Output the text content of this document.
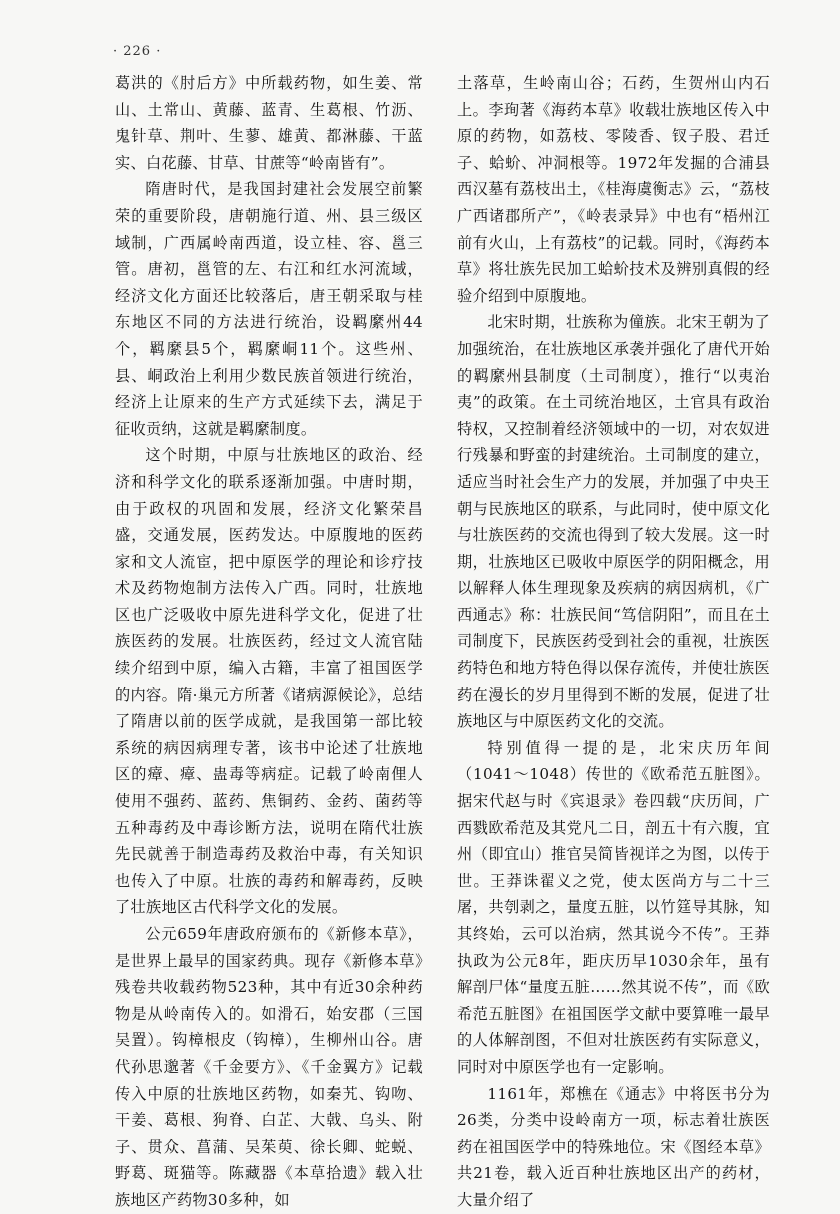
· 226 ·

葛洪的《肘后方》中所载药物，如生姜、常山、土常山、黄藤、蓝青、生葛根、竹沥、鬼针草、荆叶、生蓼、雄黄、都淋藤、干蓝实、白花藤、甘草、甘蔗等“岭南皆有”。

隋唐时代，是我国封建社会发展空前繁荣的重要阶段，唐朝施行道、州、县三级区域制，广西属岭南西道，设立桂、容、邕三管。唐初，邕管的左、右江和红水河流域，经济文化方面还比较落后，唐王朝采取与桂东地区不同的方法进行统治，设羁縻州44个，羁縻县5个，羁縻峒11个。这些州、县、峒政治上利用少数民族首领进行统治，经济上让原来的生产方式延续下去，满足于征收贡纳，这就是羁縻制度。

这个时期，中原与壮族地区的政治、经济和科学文化的联系逐渐加强。中唐时期，由于政权的巩固和发展，经济文化繁荣昌盛，交通发展，医药发达。中原腹地的医药家和文人流宦，把中原医学的理论和诊疗技术及药物炮制方法传入广西。同时，壮族地区也广泛吸收中原先进科学文化，促进了壮族医药的发展。壮族医药，经过文人流官陆续介绍到中原，编入古籍，丰富了祖国医学的内容。隋·巢元方所著《诸病源候论》，总结了隋唐以前的医学成就，是我国第一部比较系统的病因病理专著，该书中论述了壮族地区的瘴、瘴、蛊毒等病症。记载了岭南俚人使用不强药、蓝药、焦铜药、金药、菌药等五种毒药及中毒诊断方法，说明在隋代壮族先民就善于制造毒药及救治中毒，有关知识也传入了中原。壮族的毒药和解毒药，反映了壮族地区古代科学文化的发展。

公元659年唐政府颁布的《新修本草》，是世界上最早的国家药典。现存《新修本草》残卷共收载药物523种，其中有近30余种药物是从岭南传入的。如滑石，始安郡（三国吴置）。钩樟根皮（钩樟），生柳州山谷。唐代孙思邈著《千金要方》、《千金翼方》记载传入中原的壮族地区药物，如秦艽、钩吻、干姜、葛根、狗脊、白芷、大戟、乌头、附子、贯众、菖蒲、吴茱萸、徐长卿、蛇蜕、野葛、斑猫等。陈藏器《本草拾遗》载入壮族地区产药物30多种，如

土落草，生岭南山谷；石药，生贺州山内石上。李珣著《海药本草》收载壮族地区传入中原的药物，如荔枝、零陵香、钗子股、君迁子、蛤蚧、冲洞根等。1972年发掘的合浦县西汉墓有荔枝出土，《桂海虞衡志》云，“荔枝广西诸郡所产”，《岭表录异》中也有“梧州江前有火山，上有荔枝”的记载。同时，《海药本草》将壮族先民加工蛤蚧技术及辨别真假的经验介绍到中原腹地。

北宋时期，壮族称为僮族。北宋王朝为了加强统治，在壮族地区承袭并强化了唐代开始的羁縻州县制度（土司制度），推行“以夷治夷”的政策。在土司统治地区，土官具有政治特权，又控制着经济领域中的一切，对农奴进行残暴和野蛮的封建统治。土司制度的建立，适应当时社会生产力的发展，并加强了中央王朝与民族地区的联系，与此同时，使中原文化与壮族医药的交流也得到了较大发展。这一时期，壮族地区已吸收中原医学的阴阳概念，用以解释人体生理现象及疾病的病因病机，《广西通志》称：壮族民间“笃信阴阳”，而且在土司制度下，民族医药受到社会的重视，壮族医药特色和地方特色得以保存流传，并使壮族医药在漫长的岁月里得到不断的发展，促进了壮族地区与中原医药文化的交流。

特别值得一提的是，北宋庆历年间（1041～1048）传世的《欧希范五脏图》。据宋代赵与时《宾退录》卷四载“庆历间，广西戮欧希范及其党凡二日，剖五十有六腹，宜州（即宜山）推官吴简皆视详之为图，以传于世。王莽诛翟义之党，使太医尚方与二十三屠，共刳剥之，量度五脏，以竹筳导其脉，知其终始，云可以治病，然其说今不传”。王莽执政为公元8年，距庆历早1030余年，虽有解剖尸体“量度五脏……然其说不传”，而《欧希范五脏图》在祖国医学文献中要算唯一最早的人体解剖图，不但对壮族医药有实际意义，同时对中原医学也有一定影响。

1161年，郑樵在《通志》中将医书分为26类，分类中设岭南方一项，标志着壮族医药在祖国医学中的特殊地位。宋《图经本草》共21卷，载入近百种壮族地区出产的药材，大量介绍了
